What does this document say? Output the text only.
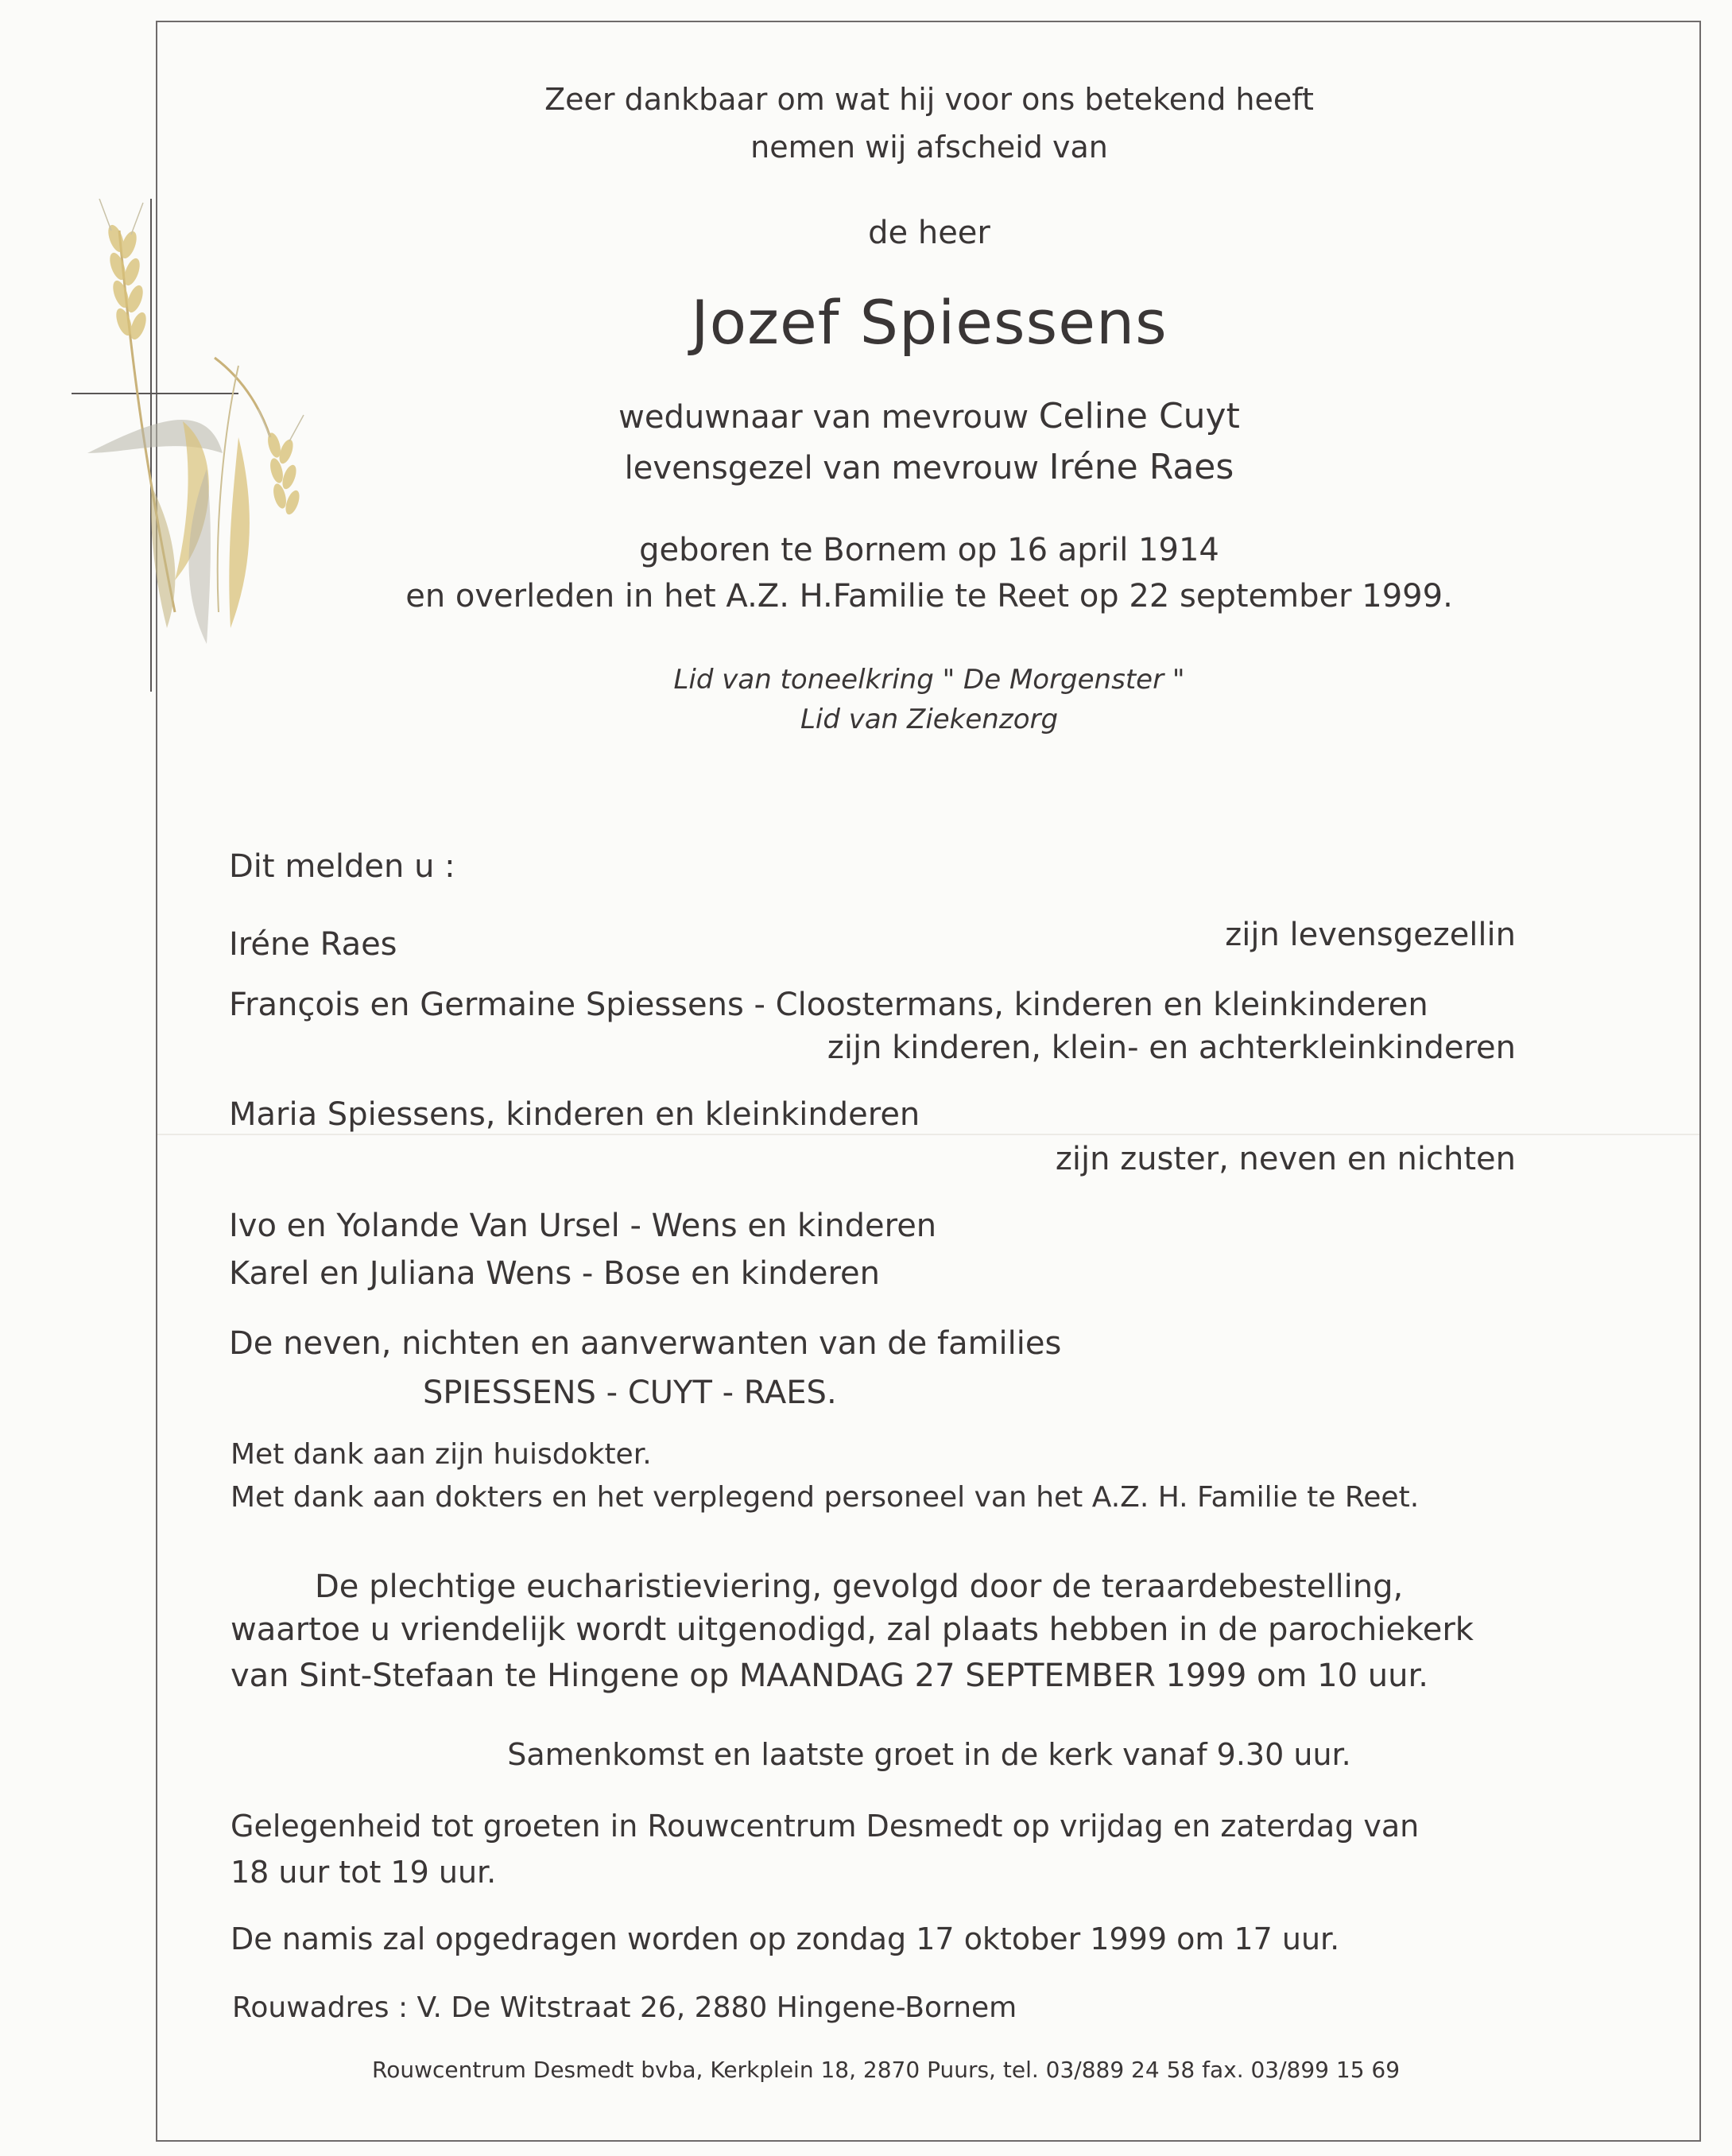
Zeer dankbaar om wat hij voor ons betekend heeft
nemen wij afscheid van
de heer
Jozef Spiessens
weduwnaar van mevrouw Celine Cuyt
levensgezel van mevrouw Iréne Raes
geboren te Bornem op 16 april 1914
en overleden in het A.Z. H.Familie te Reet op 22 september 1999.
Lid van toneelkring " De Morgenster "
Lid van Ziekenzorg
Dit melden u :
Iréne Raes	zijn levensgezellin
François en Germaine Spiessens - Cloostermans, kinderen en kleinkinderen
zijn kinderen, klein- en achterkleinkinderen
Maria Spiessens, kinderen en kleinkinderen
zijn zuster, neven en nichten
Ivo en Yolande Van Ursel - Wens en kinderen
Karel en Juliana Wens - Bose en kinderen
De neven, nichten en aanverwanten van de families
SPIESSENS - CUYT - RAES.
Met dank aan zijn huisdokter.
Met dank aan dokters en het verplegend personeel van het A.Z. H. Familie te Reet.
De plechtige eucharistieviering, gevolgd door de teraardebestelling,
waartoe u vriendelijk wordt uitgenodigd, zal plaats hebben in de parochiekerk
van Sint-Stefaan te Hingene op MAANDAG 27 SEPTEMBER 1999 om 10 uur.
Samenkomst en laatste groet in de kerk vanaf 9.30 uur.
Gelegenheid tot groeten in Rouwcentrum Desmedt op vrijdag en zaterdag van
18 uur tot 19 uur.
De namis zal opgedragen worden op zondag 17 oktober 1999 om 17 uur.
Rouwadres : V. De Witstraat 26, 2880 Hingene-Bornem
Rouwcentrum Desmedt bvba, Kerkplein 18, 2870 Puurs, tel. 03/889 24 58 fax. 03/899 15 69
